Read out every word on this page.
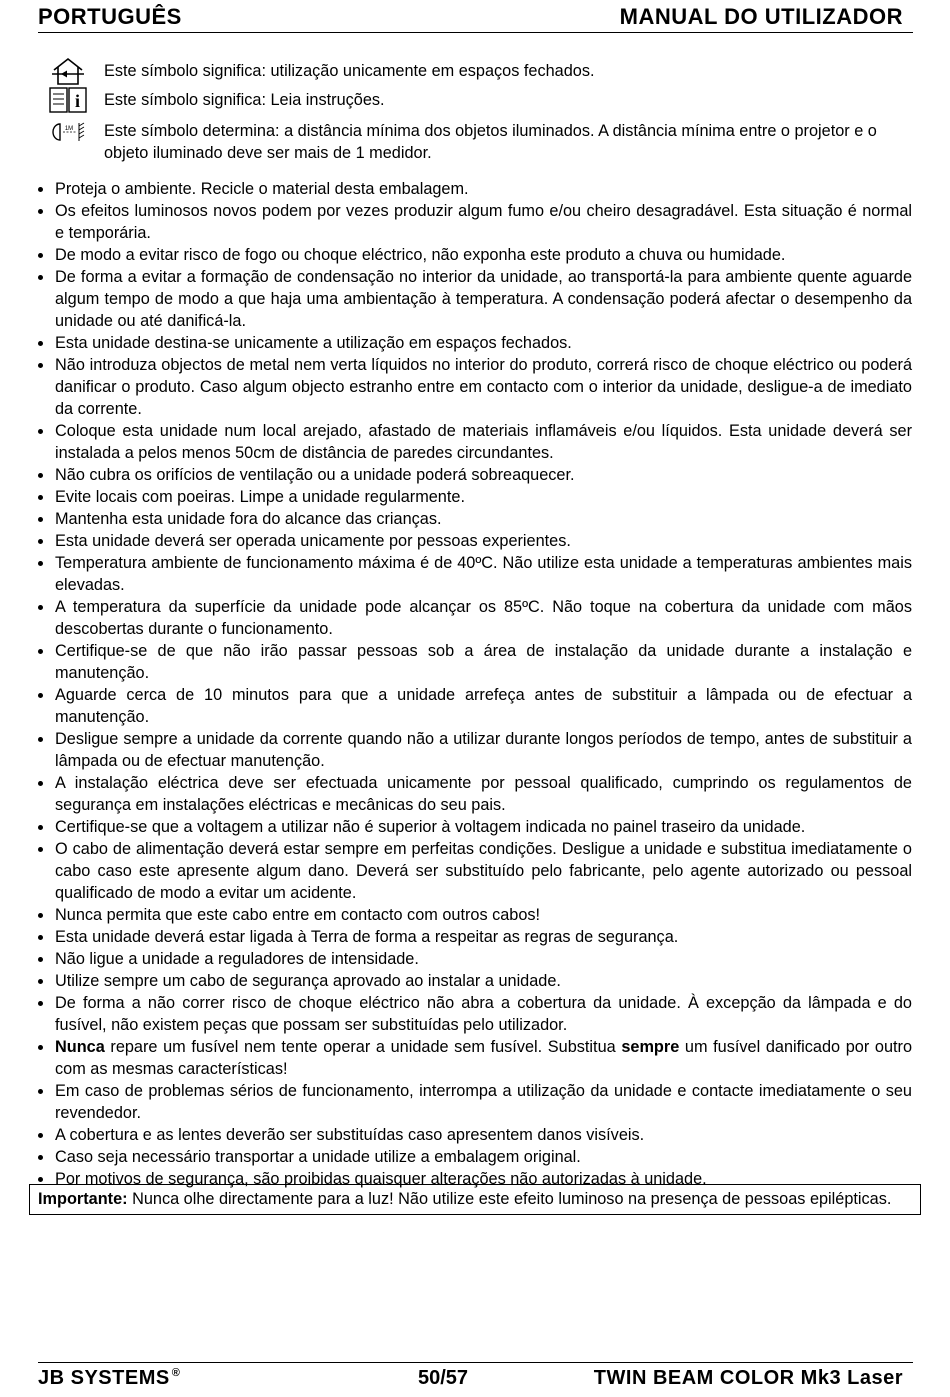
PORTUGUÊS	MANUAL DO UTILIZADOR
Este símbolo significa: utilização unicamente em espaços fechados.
i Este símbolo significa: Leia instruções.
1M Este símbolo determina: a distância mínima dos objetos iluminados. A distância mínima entre o projetor e o objeto iluminado deve ser mais de 1 medidor.
Proteja o ambiente. Recicle o material desta embalagem.
Os efeitos luminosos novos podem por vezes produzir algum fumo e/ou cheiro desagradável. Esta situação é normal e temporária.
De modo a evitar risco de fogo ou choque eléctrico, não exponha este produto a chuva ou humidade.
De forma a evitar a formação de condensação no interior da unidade, ao transportá-la para ambiente quente aguarde algum tempo de modo a que haja uma ambientação à temperatura. A condensação poderá afectar o desempenho da unidade ou até danificá-la.
Esta unidade destina-se unicamente a utilização em espaços fechados.
Não introduza objectos de metal nem verta líquidos no interior do produto, correrá risco de choque eléctrico ou poderá danificar o produto. Caso algum objecto estranho entre em contacto com o interior da unidade, desligue-a de imediato da corrente.
Coloque esta unidade num local arejado, afastado de materiais inflamáveis e/ou líquidos. Esta unidade deverá ser instalada a pelos menos 50cm de distância de paredes circundantes.
Não cubra os orifícios de ventilação ou a unidade poderá sobreaquecer.
Evite locais com poeiras. Limpe a unidade regularmente.
Mantenha esta unidade fora do alcance das crianças.
Esta unidade deverá ser operada unicamente por pessoas experientes.
Temperatura ambiente de funcionamento máxima é de 40ºC. Não utilize esta unidade a temperaturas ambientes mais elevadas.
A temperatura da superfície da unidade pode alcançar os 85ºC. Não toque na cobertura da unidade com mãos descobertas durante o funcionamento.
Certifique-se de que não irão passar pessoas sob a área de instalação da unidade durante a instalação e manutenção.
Aguarde cerca de 10 minutos para que a unidade arrefeça antes de substituir a lâmpada ou de efectuar a manutenção.
Desligue sempre a unidade da corrente quando não a utilizar durante longos períodos de tempo, antes de substituir a lâmpada ou de efectuar manutenção.
A instalação eléctrica deve ser efectuada unicamente por pessoal qualificado, cumprindo os regulamentos de segurança em instalações eléctricas e mecânicas do seu pais.
Certifique-se que a voltagem a utilizar não é superior à voltagem indicada no painel traseiro da unidade.
O cabo de alimentação deverá estar sempre em perfeitas condições. Desligue a unidade e substitua imediatamente o cabo caso este apresente algum dano. Deverá ser substituído pelo fabricante, pelo agente autorizado ou pessoal qualificado de modo a evitar um acidente.
Nunca permita que este cabo entre em contacto com outros cabos!
Esta unidade deverá estar ligada à Terra de forma a respeitar as regras de segurança.
Não ligue a unidade a reguladores de intensidade.
Utilize sempre um cabo de segurança aprovado ao instalar a unidade.
De forma a não correr risco de choque eléctrico não abra a cobertura da unidade. À excepção da lâmpada e do fusível, não existem peças que possam ser substituídas pelo utilizador.
Nunca repare um fusível nem tente operar a unidade sem fusível. Substitua sempre um fusível danificado por outro com as mesmas características!
Em caso de problemas sérios de funcionamento, interrompa a utilização da unidade e contacte imediatamente o seu revendedor.
A cobertura e as lentes deverão ser substituídas caso apresentem danos visíveis.
Caso seja necessário transportar a unidade utilize a embalagem original.
Por motivos de segurança, são proibidas quaisquer alterações não autorizadas à unidade.
Importante: Nunca olhe directamente para a luz! Não utilize este efeito luminoso na presença de pessoas epilépticas.
JB SYSTEMS ®	50/57	TWIN BEAM COLOR Mk3 Laser
